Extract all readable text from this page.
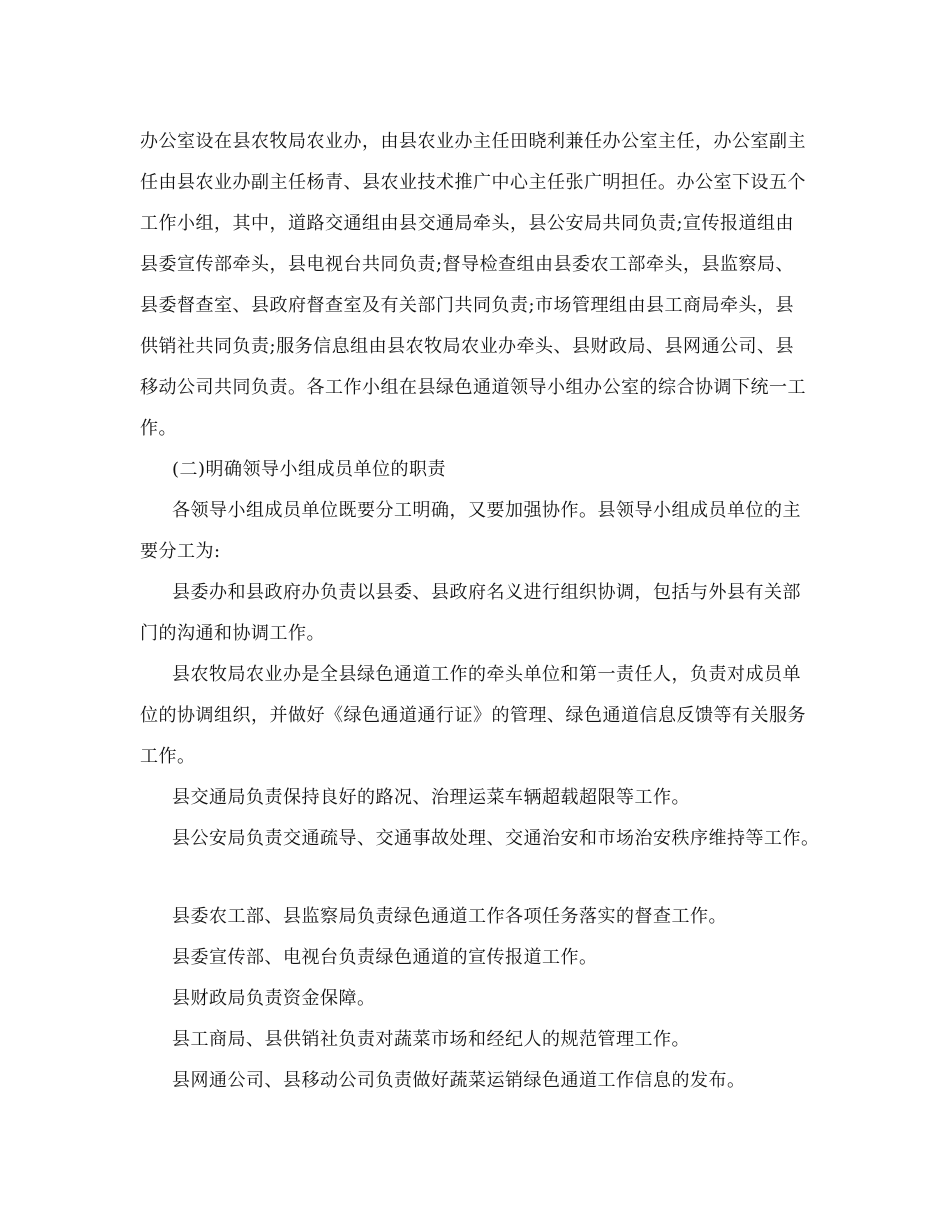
办公室设在县农牧局农业办，由县农业办主任田晓利兼任办公室主任，办公室副主

任由县农业办副主任杨青、县农业技术推广中心主任张广明担任。办公室下设五个

工作小组，其中，道路交通组由县交通局牵头，县公安局共同负责;宣传报道组由

县委宣传部牵头，县电视台共同负责;督导检查组由县委农工部牵头，县监察局、

县委督查室、县政府督查室及有关部门共同负责;市场管理组由县工商局牵头，县

供销社共同负责;服务信息组由县农牧局农业办牵头、县财政局、县网通公司、县

移动公司共同负责。各工作小组在县绿色通道领导小组办公室的综合协调下统一工

作。

(二)明确领导小组成员单位的职责

各领导小组成员单位既要分工明确，又要加强协作。县领导小组成员单位的主

要分工为:

县委办和县政府办负责以县委、县政府名义进行组织协调，包括与外县有关部

门的沟通和协调工作。

县农牧局农业办是全县绿色通道工作的牵头单位和第一责任人，负责对成员单

位的协调组织，并做好《绿色通道通行证》的管理、绿色通道信息反馈等有关服务

工作。

县交通局负责保持良好的路况、治理运菜车辆超载超限等工作。

县公安局负责交通疏导、交通事故处理、交通治安和市场治安秩序维持等工作。

县委农工部、县监察局负责绿色通道工作各项任务落实的督查工作。

县委宣传部、电视台负责绿色通道的宣传报道工作。

县财政局负责资金保障。

县工商局、县供销社负责对蔬菜市场和经纪人的规范管理工作。

县网通公司、县移动公司负责做好蔬菜运销绿色通道工作信息的发布。
